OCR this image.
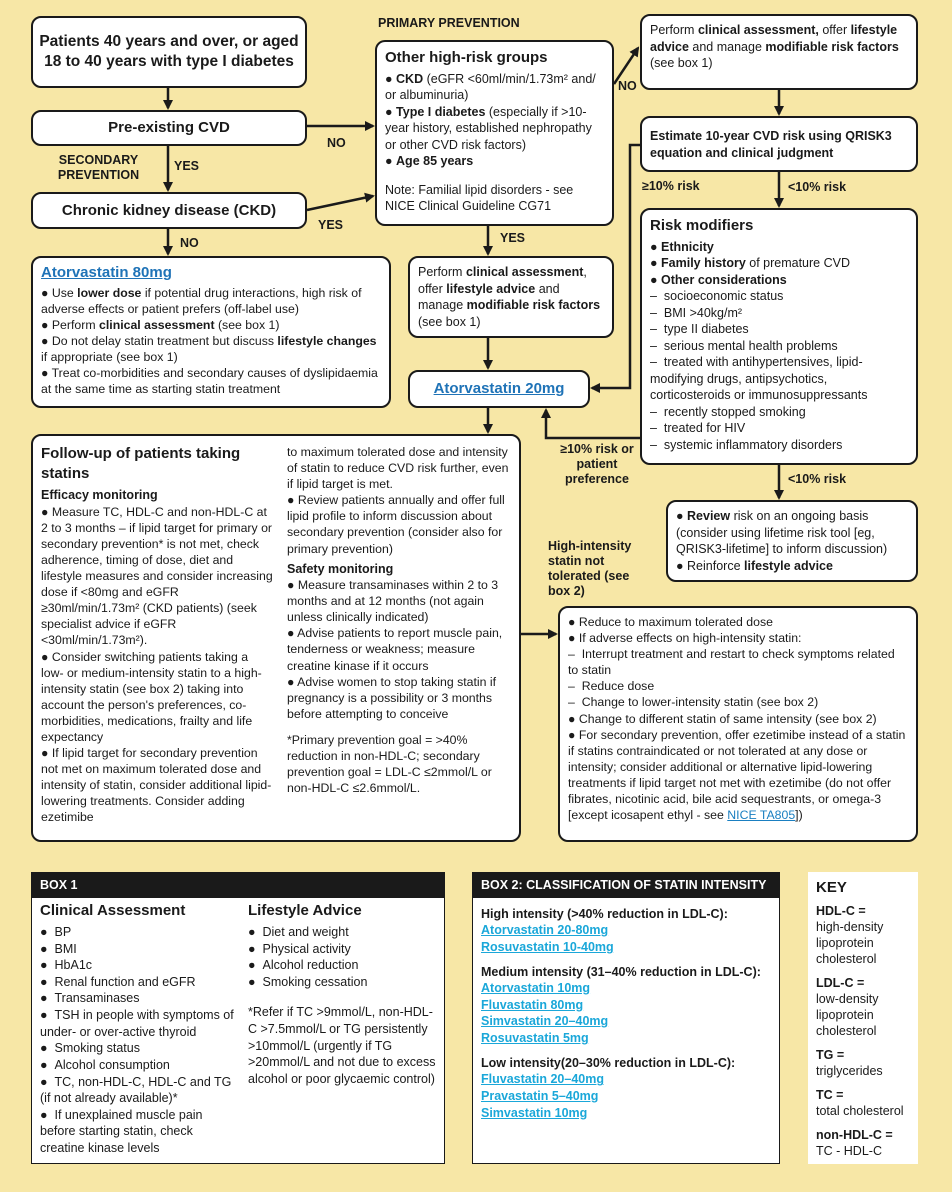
PRIMARY PREVENTION
SECONDARY PREVENTION
YES
NO
YES
NO
NO
YES
≥10% risk	<10% risk
≥10% risk or patient preference	<10% risk
High-intensity statin not tolerated (see box 2)
Patients 40 years and over, or aged 18 to 40 years with type I diabetes
Pre-existing CVD
Chronic kidney disease (CKD)
Other high-risk groups
● CKD (eGFR <60ml/min/1.73m² and/ or albuminuria)
● Type I diabetes (especially if >10-year history, established nephropathy or other CVD risk factors)
● Age 85 years
Note: Familial lipid disorders - see NICE Clinical Guideline CG71
Perform clinical assessment, offer lifestyle advice and manage modifiable risk factors (see box 1)
Estimate 10-year CVD risk using QRISK3 equation and clinical judgment
Risk modifiers
● Ethnicity
● Family history of premature CVD
● Other considerations
–  socioeconomic status
–  BMI >40kg/m²
–  type II diabetes
–  serious mental health problems
–  treated with antihypertensives, lipid-modifying drugs, antipsychotics, corticosteroids or immunosuppressants
–  recently stopped smoking
–  treated for HIV
–  systemic inflammatory disorders
Atorvastatin 80mg
● Use lower dose if potential drug interactions, high risk of adverse effects or patient prefers (off-label use)
● Perform clinical assessment (see box 1)
● Do not delay statin treatment but discuss lifestyle changes if appropriate (see box 1)
● Treat co-morbidities and secondary causes of dyslipidaemia at the same time as starting statin treatment
Perform clinical assessment, offer lifestyle advice and manage modifiable risk factors (see box 1)
Atorvastatin 20mg
● Review risk on an ongoing basis (consider using lifetime risk tool [eg, QRISK3-lifetime] to inform discussion)
● Reinforce lifestyle advice
Follow-up of patients taking statins
Efficacy monitoring
● Measure TC, HDL-C and non-HDL-C at 2 to 3 months – if lipid target for primary or secondary prevention* is not met, check adherence, timing of dose, diet and lifestyle measures and consider increasing dose if <80mg and eGFR ≥30ml/min/1.73m² (CKD patients) (seek specialist advice if eGFR <30ml/min/1.73m²).
● Consider switching patients taking a low- or medium-intensity statin to a high-intensity statin (see box 2) taking into account the person's preferences, co-morbidities, medications, frailty and life expectancy
● If lipid target for secondary prevention not met on maximum tolerated dose and intensity of statin, consider additional lipid-lowering treatments. Consider adding ezetimibe
to maximum tolerated dose and intensity of statin to reduce CVD risk further, even if lipid target is met.
● Review patients annually and offer full lipid profile to inform discussion about secondary prevention (consider also for primary prevention)
Safety monitoring
● Measure transaminases within 2 to 3 months and at 12 months (not again unless clinically indicated)
● Advise patients to report muscle pain, tenderness or weakness; measure creatine kinase if it occurs
● Advise women to stop taking statin if pregnancy is a possibility or 3 months before attempting to conceive
*Primary prevention goal = >40% reduction in non-HDL-C; secondary prevention goal = LDL-C ≤2mmol/L or non-HDL-C ≤2.6mmol/L.
● Reduce to maximum tolerated dose
● If adverse effects on high-intensity statin:
–  Interrupt treatment and restart to check symptoms related to statin
–  Reduce dose
–  Change to lower-intensity statin (see box 2)
● Change to different statin of same intensity (see box 2)
● For secondary prevention, offer ezetimibe instead of a statin if statins contraindicated or not tolerated at any dose or intensity; consider additional or alternative lipid-lowering treatments if lipid target not met with ezetimibe (do not offer fibrates, nicotinic acid, bile acid sequestrants, or omega-3 [except icosapent ethyl - see NICE TA805])
BOX 1
Clinical Assessment
●  BP
●  BMI
●  HbA1c
●  Renal function and eGFR
●  Transaminases
●  TSH in people with symptoms of under- or over-active thyroid
●  Smoking status
●  Alcohol consumption
●  TC, non-HDL-C, HDL-C and TG (if not already available)*
●  If unexplained muscle pain before starting statin, check creatine kinase levels
Lifestyle Advice
●  Diet and weight
●  Physical activity
●  Alcohol reduction
●  Smoking cessation
*Refer if TC >9mmol/L, non-HDL-C >7.5mmol/L or TG persistently >10mmol/L (urgently if TG >20mmol/L and not due to excess alcohol or poor glycaemic control)
BOX 2: CLASSIFICATION OF STATIN INTENSITY
High intensity (>40% reduction in LDL-C):
Atorvastatin 20-80mg
Rosuvastatin 10-40mg
Medium intensity (31–40% reduction in LDL-C):
Atorvastatin 10mg
Fluvastatin 80mg
Simvastatin 20–40mg
Rosuvastatin 5mg
Low intensity(20–30% reduction in LDL-C):
Fluvastatin 20–40mg
Pravastatin 5–40mg
Simvastatin 10mg
KEY
HDL-C =
high-density lipoprotein cholesterol
LDL-C =
low-density lipoprotein cholesterol
TG =
triglycerides
TC =
total cholesterol
non-HDL-C =
TC - HDL-C
